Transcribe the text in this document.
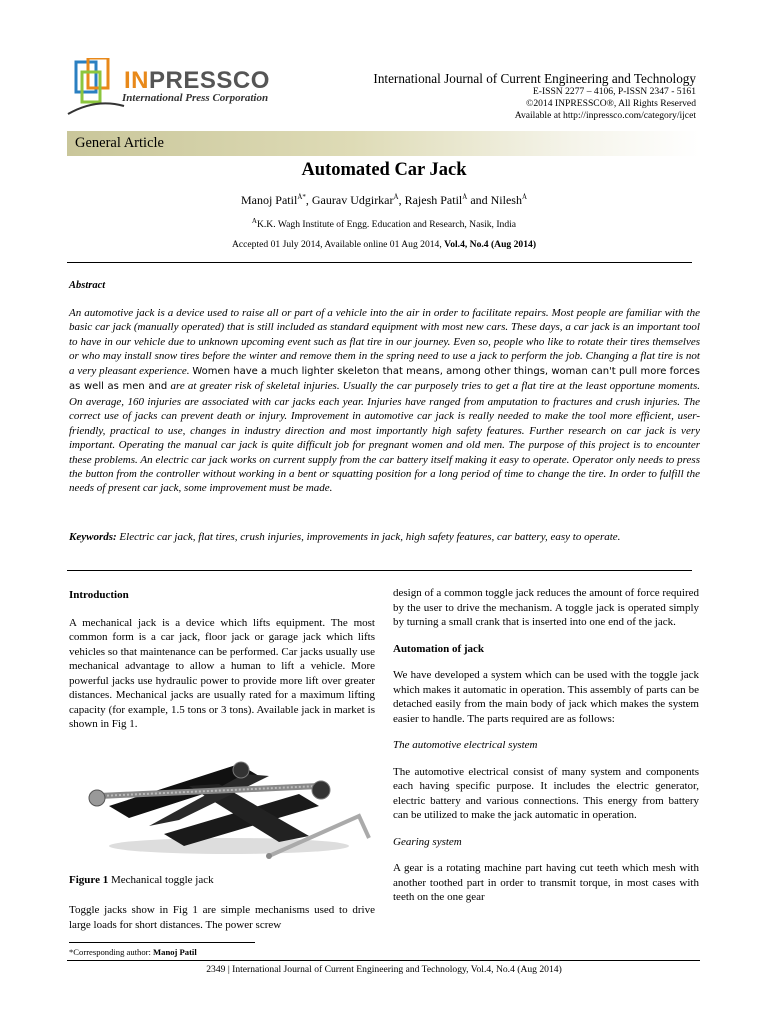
INPRESSCO
International Press Corporation
International Journal of Current Engineering and Technology
E-ISSN 2277 – 4106, P-ISSN 2347 - 5161
©2014 INPRESSCO®, All Rights Reserved
Available at http://inpressco.com/category/ijcet
General Article
Automated Car Jack
Manoj Patil$^{Ȧ*}$, Gaurav Udgirkar$^Ȧ$, Rajesh Patil$^Ȧ$ and Nilesh$^Ȧ$
$^A$K.K. Wagh Institute of Engg. Education and Research, Nasik, India
Accepted 01 July 2014, Available online 01 Aug 2014, Vol.4, No.4 (Aug 2014)
Abstract
An automotive jack is a device used to raise all or part of a vehicle into the air in order to facilitate repairs. Most people are familiar with the basic car jack (manually operated) that is still included as standard equipment with most new cars. These days, a car jack is an important tool to have in our vehicle due to unknown upcoming event such as flat tire in our journey. Even so, people who like to rotate their tires themselves or who may install snow tires before the winter and remove them in the spring need to use a jack to perform the job. Changing a flat tire is not a very pleasant experience. Women have a much lighter skeleton that means, among other things, woman can't pull more forces as well as men and are at greater risk of skeletal injuries. Usually the car purposely tries to get a flat tire at the least opportune moments. On average, 160 injuries are associated with car jacks each year. Injuries have ranged from amputation to fractures and crush injuries. The correct use of jacks can prevent death or injury. Improvement in automotive car jack is really needed to make the tool more efficient, user-friendly, practical to use, changes in industry direction and most importantly high safety features. Further research on car jack is very important. Operating the manual car jack is quite difficult job for pregnant women and old men. The purpose of this project is to encounter these problems. An electric car jack works on current supply from the car battery itself making it easy to operate. Operator only needs to press the button from the controller without working in a bent or squatting position for a long period of time to change the tire. In order to fulfill the needs of present car jack, some improvement must be made.
Keywords: Electric car jack, flat tires, crush injuries, improvements in jack, high safety features, car battery, easy to operate.

Introduction

A mechanical jack is a device which lifts equipment. The most common form is a car jack, floor jack or garage jack which lifts vehicles so that maintenance can be performed. Car jacks usually use mechanical advantage to allow a human to lift a vehicle. More powerful jacks use hydraulic power to provide more lift over greater distances. Mechanical jacks are usually rated for a maximum lifting capacity (for example, 1.5 tons or 3 tons). Available jack in market is shown in Fig 1.

Figure 1 Mechanical toggle jack

Toggle jacks show in Fig 1 are simple mechanisms used to drive large loads for short distances. The power screw

*Corresponding author: Manoj Patil

design of a common toggle jack reduces the amount of force required by the user to drive the mechanism. A toggle jack is operated simply by turning a small crank that is inserted into one end of the jack.

Automation of jack

We have developed a system which can be used with the toggle jack which makes it automatic in operation. This assembly of parts can be detached easily from the main body of jack which makes the system easier to handle. The parts required are as follows:

The automotive electrical system

The automotive electrical consist of many system and components each having specific purpose. It includes the electric generator, electric battery and various connections. This energy from battery can be utilized to make the jack automatic in operation.

Gearing system

A gear is a rotating machine part having cut teeth which mesh with another toothed part in order to transmit torque, in most cases with teeth on the one gear

2349 | International Journal of Current Engineering and Technology, Vol.4, No.4 (Aug 2014)
